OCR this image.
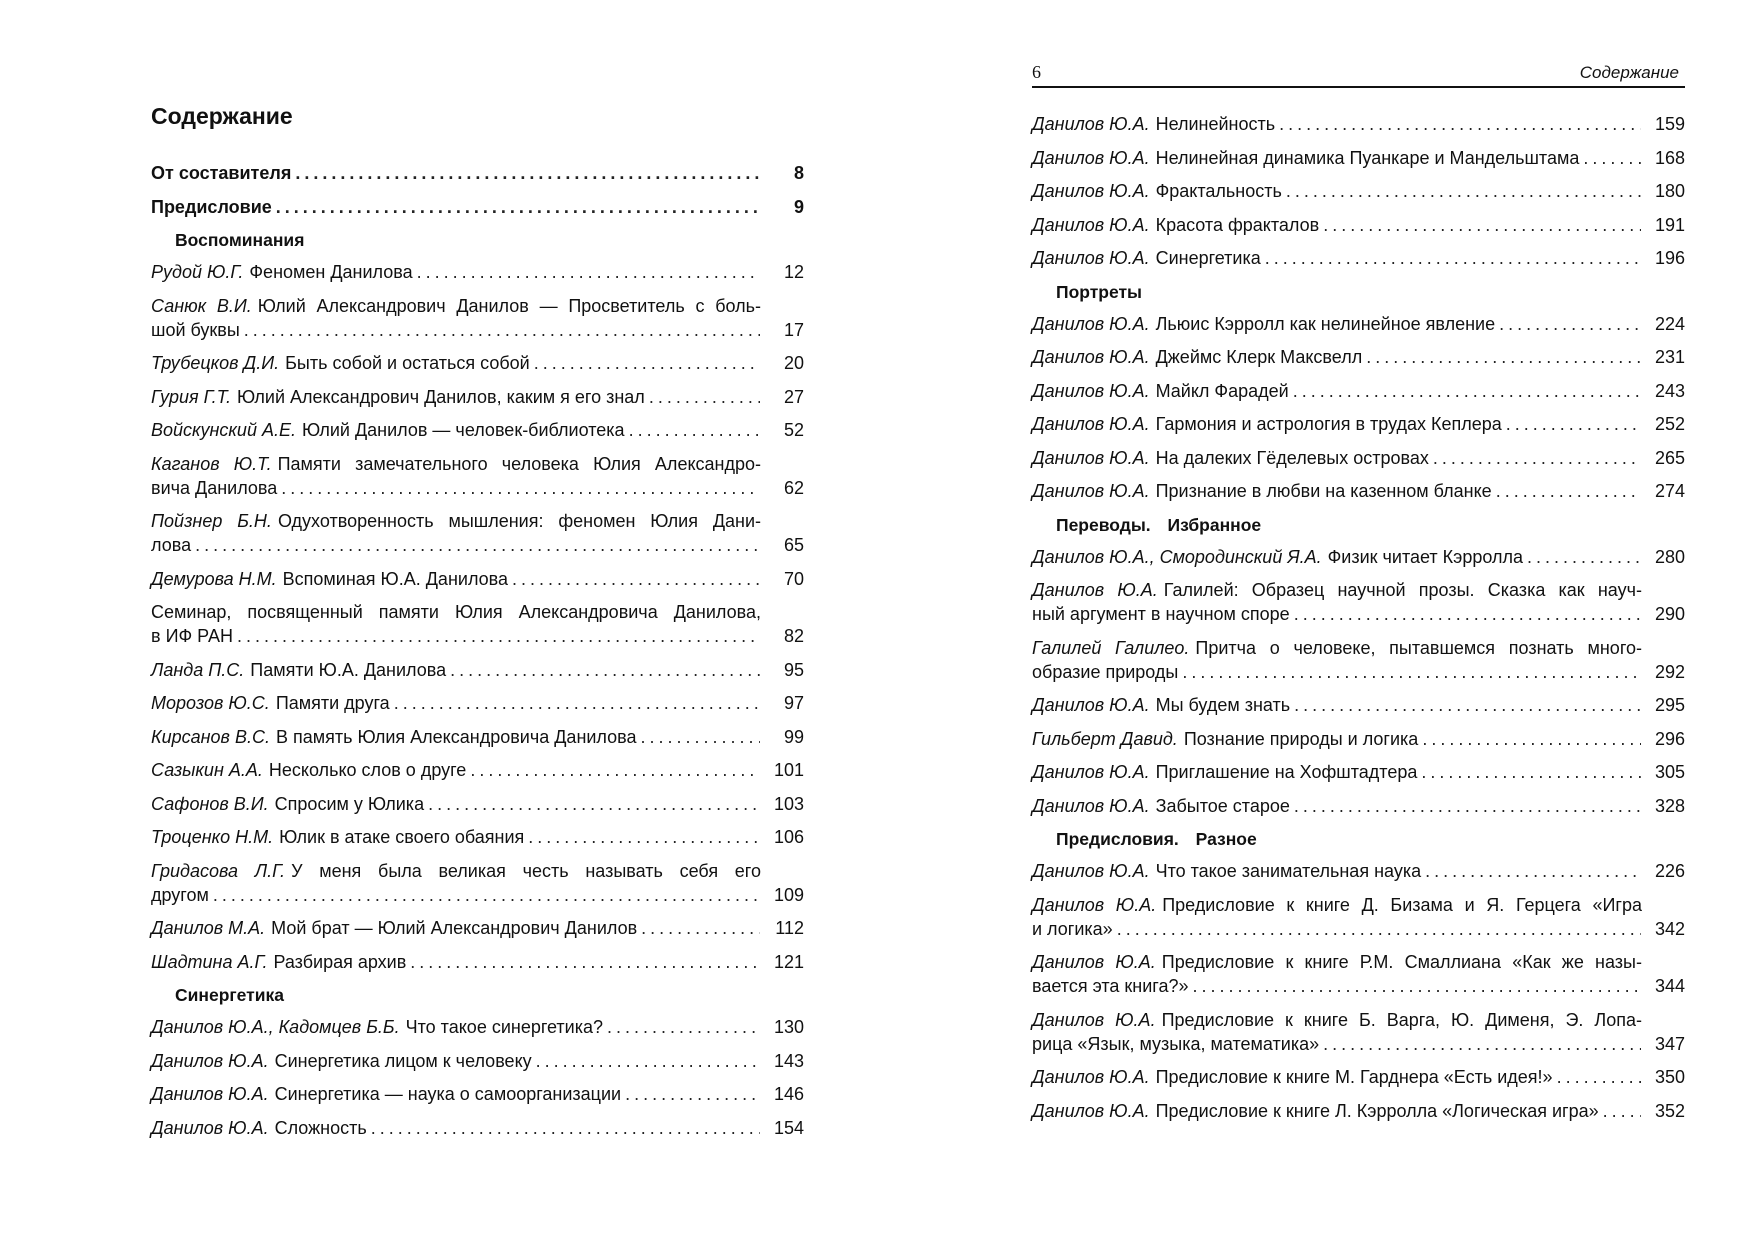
Содержание
6	Содержание
От составителя . . .	8
Предисловие . . .	9
Воспоминания
Рудой Ю.Г. Феномен Данилова . . .	12
Санюк В.И. Юлий Александрович Данилов — Просветитель с боль-
шой буквы . . .	17
Трубецков Д.И. Быть собой и остаться собой . . .	20
Гурия Г.Т. Юлий Александрович Данилов, каким я его знал . . .	27
Войскунский А.Е. Юлий Данилов — человек-библиотека . . .	52
Каганов Ю.Т. Памяти замечательного человека Юлия Александро-
вича Данилова . . .	62
Пойзнер Б.Н. Одухотворенность мышления: феномен Юлия Дани-
лова . . .	65
Демурова Н.М. Вспоминая Ю.А. Данилова . . .	70
Семинар, посвященный памяти Юлия Александровича Данилова,
в ИФ РАН . . .	82
Ланда П.С. Памяти Ю.А. Данилова . . .	95
Морозов Ю.С. Памяти друга . . .	97
Кирсанов В.С. В память Юлия Александровича Данилова . . .	99
Сазыкин А.А. Несколько слов о друге . . .	101
Сафонов В.И. Спросим у Юлика . . .	103
Троценко Н.М. Юлик в атаке своего обаяния . . .	106
Гридасова Л.Г. У меня была великая честь называть себя его
другом . . .	109
Данилов М.А. Мой брат — Юлий Александрович Данилов . . .	112
Шадтина А.Г. Разбирая архив . . .	121
Синергетика
Данилов Ю.А., Кадомцев Б.Б. Что такое синергетика? . . .	130
Данилов Ю.А. Синергетика лицом к человеку . . .	143
Данилов Ю.А. Синергетика — наука о самоорганизации . . .	146
Данилов Ю.А. Сложность . . .	154
Данилов Ю.А. Нелинейность . . .	159
Данилов Ю.А. Нелинейная динамика Пуанкаре и Мандельштама . . .	168
Данилов Ю.А. Фрактальность . . .	180
Данилов Ю.А. Красота фракталов . . .	191
Данилов Ю.А. Синергетика . . .	196
Портреты
Данилов Ю.А. Льюис Кэрролл как нелинейное явление . . .	224
Данилов Ю.А. Джеймс Клерк Максвелл . . .	231
Данилов Ю.А. Майкл Фарадей . . .	243
Данилов Ю.А. Гармония и астрология в трудах Кеплера . . .	252
Данилов Ю.А. На далеких Гёделевых островах . . .	265
Данилов Ю.А. Признание в любви на казенном бланке . . .	274
Переводы. Избранное
Данилов Ю.А., Смородинский Я.А. Физик читает Кэрролла . . .	280
Данилов Ю.А. Галилей: Образец научной прозы. Сказка как науч-
ный аргумент в научном споре . . .	290
Галилей Галилео. Притча о человеке, пытавшемся познать много-
образие природы . . .	292
Данилов Ю.А. Мы будем знать . . .	295
Гильберт Давид. Познание природы и логика . . .	296
Данилов Ю.А. Приглашение на Хофштадтера . . .	305
Данилов Ю.А. Забытое старое . . .	328
Предисловия. Разное
Данилов Ю.А. Что такое занимательная наука . . .	226
Данилов Ю.А. Предисловие к книге Д. Бизама и Я. Герцега «Игра
и логика» . . .	342
Данилов Ю.А. Предисловие к книге Р.М. Смаллиана «Как же назы-
вается эта книга?» . . .	344
Данилов Ю.А. Предисловие к книге Б. Варга, Ю. Дименя, Э. Лопа-
рица «Язык, музыка, математика» . . .	347
Данилов Ю.А. Предисловие к книге М. Гарднера «Есть идея!» . . .	350
Данилов Ю.А. Предисловие к книге Л. Кэрролла «Логическая игра» . . .	352
